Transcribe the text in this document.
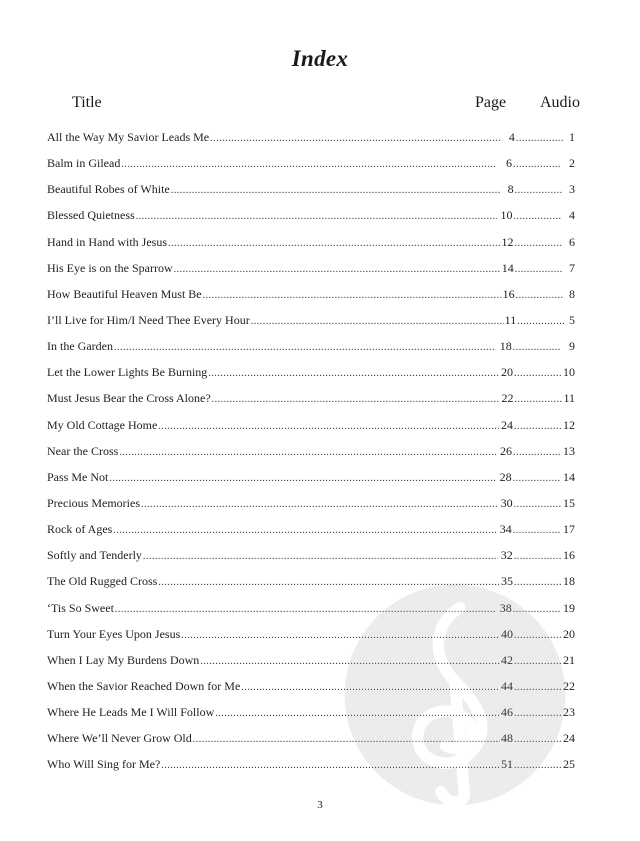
Index
Title	Page Audio
All the Way My Savior Leads Me .....	4 .....	1
Balm in Gilead .....	6 .....	2
Beautiful Robes of White .....	8 .....	3
Blessed Quietness .....	10 .....	4
Hand in Hand with Jesus .....	12 .....	6
His Eye is on the Sparrow .....	14 .....	7
How Beautiful Heaven Must Be .....	16 .....	8
I’ll Live for Him/I Need Thee Every Hour .....	11 .....	5
In the Garden .....	18 .....	9
Let the Lower Lights Be Burning .....	20 .....	10
Must Jesus Bear the Cross Alone? .....	22 .....	11
My Old Cottage Home .....	24 .....	12
Near the Cross .....	26 .....	13
Pass Me Not .....	28 .....	14
Precious Memories .....	30 .....	15
Rock of Ages .....	34 .....	17
Softly and Tenderly .....	32 .....	16
The Old Rugged Cross .....	35 .....	18
‘Tis So Sweet .....	38 .....	19
Turn Your Eyes Upon Jesus .....	40 .....	20
When I Lay My Burdens Down .....	42 .....	21
When the Savior Reached Down for Me .....	44 .....	22
Where He Leads Me I Will Follow .....	46 .....	23
Where We’ll Never Grow Old .....	48 .....	24
Who Will Sing for Me? .....	51 .....	25
3
